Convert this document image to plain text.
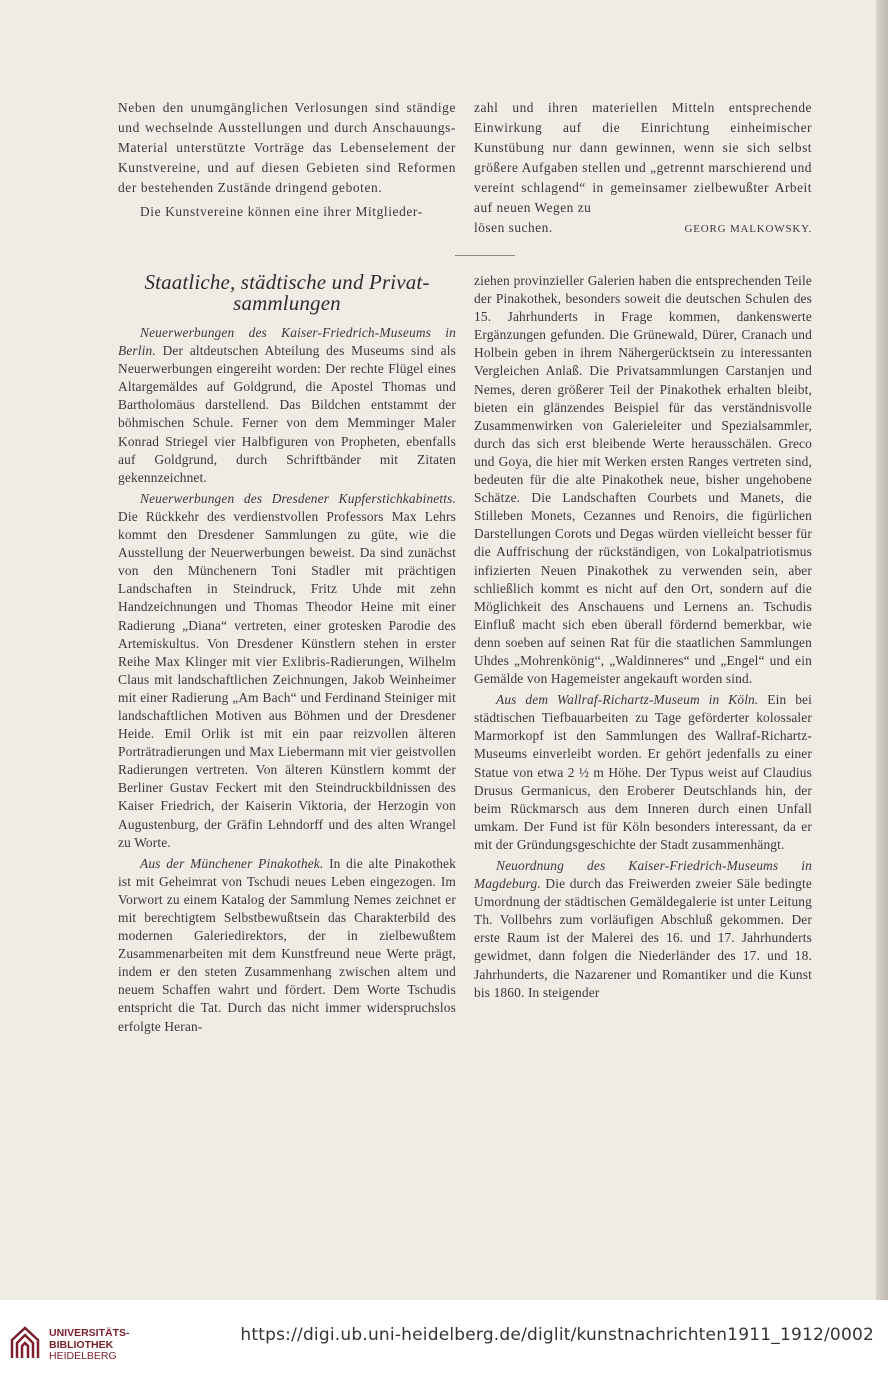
Neben den unumgänglichen Verlosungen sind ständige und wechselnde Ausstellungen und durch Anschauungs-Material unterstützte Vorträge das Lebenselement der Kunstvereine, und auf diesen Gebieten sind Reformen der bestehenden Zustände dringend geboten.

Die Kunstvereine können eine ihrer Mitglieder-

zahl und ihren materiellen Mitteln entsprechende Einwirkung auf die Einrichtung einheimischer Kunstübung nur dann gewinnen, wenn sie sich selbst größere Aufgaben stellen und „getrennt marschierend und vereint schlagend“ in gemeinsamer zielbewußter Arbeit auf neuen Wegen zu

lösen suchen.	GEORG MALKOWSKY.
Staatliche, städtische und Privat-sammlungen

Neuerwerbungen des Kaiser-Friedrich-Museums in Berlin. Der altdeutschen Abteilung des Museums sind als Neuerwerbungen eingereiht worden: Der rechte Flügel eines Altargemäldes auf Goldgrund, die Apostel Thomas und Bartholomäus darstellend. Das Bildchen entstammt der böhmischen Schule. Ferner von dem Memminger Maler Konrad Striegel vier Halbfiguren von Propheten, ebenfalls auf Goldgrund, durch Schriftbänder mit Zitaten gekennzeichnet.

Neuerwerbungen des Dresdener Kupferstichkabinetts. Die Rückkehr des verdienstvollen Professors Max Lehrs kommt den Dresdener Sammlungen zu güte, wie die Ausstellung der Neuerwerbungen beweist. Da sind zunächst von den Münchenern Toni Stadler mit prächtigen Landschaften in Steindruck, Fritz Uhde mit zehn Handzeichnungen und Thomas Theodor Heine mit einer Radierung „Diana“ vertreten, einer grotesken Parodie des Artemiskultus. Von Dresdener Künstlern stehen in erster Reihe Max Klinger mit vier Exlibris-Radierungen, Wilhelm Claus mit landschaftlichen Zeichnungen, Jakob Weinheimer mit einer Radierung „Am Bach“ und Ferdinand Steiniger mit landschaftlichen Motiven aus Böhmen und der Dresdener Heide. Emil Orlik ist mit ein paar reizvollen älteren Porträtradierungen und Max Liebermann mit vier geistvollen Radierungen vertreten. Von älteren Künstlern kommt der Berliner Gustav Feckert mit den Steindruckbildnissen des Kaiser Friedrich, der Kaiserin Viktoria, der Herzogin von Augustenburg, der Gräfin Lehndorff und des alten Wrangel zu Worte.

Aus der Münchener Pinakothek. In die alte Pinakothek ist mit Geheimrat von Tschudi neues Leben eingezogen. Im Vorwort zu einem Katalog der Sammlung Nemes zeichnet er mit berechtigtem Selbstbewußtsein das Charakterbild des modernen Galeriedirektors, der in zielbewußtem Zusammenarbeiten mit dem Kunstfreund neue Werte prägt, indem er den steten Zusammenhang zwischen altem und neuem Schaffen wahrt und fördert. Dem Worte Tschudis entspricht die Tat. Durch das nicht immer widerspruchslos erfolgte Heran-

ziehen provinzieller Galerien haben die entsprechenden Teile der Pinakothek, besonders soweit die deutschen Schulen des 15. Jahrhunderts in Frage kommen, dankenswerte Ergänzungen gefunden. Die Grünewald, Dürer, Cranach und Holbein geben in ihrem Nähergerücktsein zu interessanten Vergleichen Anlaß. Die Privatsammlungen Carstanjen und Nemes, deren größerer Teil der Pinakothek erhalten bleibt, bieten ein glänzendes Beispiel für das verständnisvolle Zusammenwirken von Galerieleiter und Spezialsammler, durch das sich erst bleibende Werte herausschälen. Greco und Goya, die hier mit Werken ersten Ranges vertreten sind, bedeuten für die alte Pinakothek neue, bisher ungehobene Schätze. Die Landschaften Courbets und Manets, die Stilleben Monets, Cezannes und Renoirs, die figürlichen Darstellungen Corots und Degas würden vielleicht besser für die Auffrischung der rückständigen, von Lokalpatriotismus infizierten Neuen Pinakothek zu verwenden sein, aber schließlich kommt es nicht auf den Ort, sondern auf die Möglichkeit des Anschauens und Lernens an. Tschudis Einfluß macht sich eben überall fördernd bemerkbar, wie denn soeben auf seinen Rat für die staatlichen Sammlungen Uhdes „Mohrenkönig“, „Waldinneres“ und „Engel“ und ein Gemälde von Hagemeister angekauft worden sind.

Aus dem Wallraf-Richartz-Museum in Köln. Ein bei städtischen Tiefbauarbeiten zu Tage geförderter kolossaler Marmorkopf ist den Sammlungen des Wallraf-Richartz-Museums einverleibt worden. Er gehört jedenfalls zu einer Statue von etwa 2 ½ m Höhe. Der Typus weist auf Claudius Drusus Germanicus, den Eroberer Deutschlands hin, der beim Rückmarsch aus dem Inneren durch einen Unfall umkam. Der Fund ist für Köln besonders interessant, da er mit der Gründungsgeschichte der Stadt zusammenhängt.

Neuordnung des Kaiser-Friedrich-Museums in Magdeburg. Die durch das Freiwerden zweier Säle bedingte Umordnung der städtischen Gemäldegalerie ist unter Leitung Th. Vollbehrs zum vorläufigen Abschluß gekommen. Der erste Raum ist der Malerei des 16. und 17. Jahrhunderts gewidmet, dann folgen die Niederländer des 17. und 18. Jahrhunderts, die Nazarener und Romantiker und die Kunst bis 1860. In steigender

UNIVERSITÄTS-
BIBLIOTHEK
HEIDELBERG
https://digi.ub.uni-heidelberg.de/diglit/kunstnachrichten1911_1912/0002
